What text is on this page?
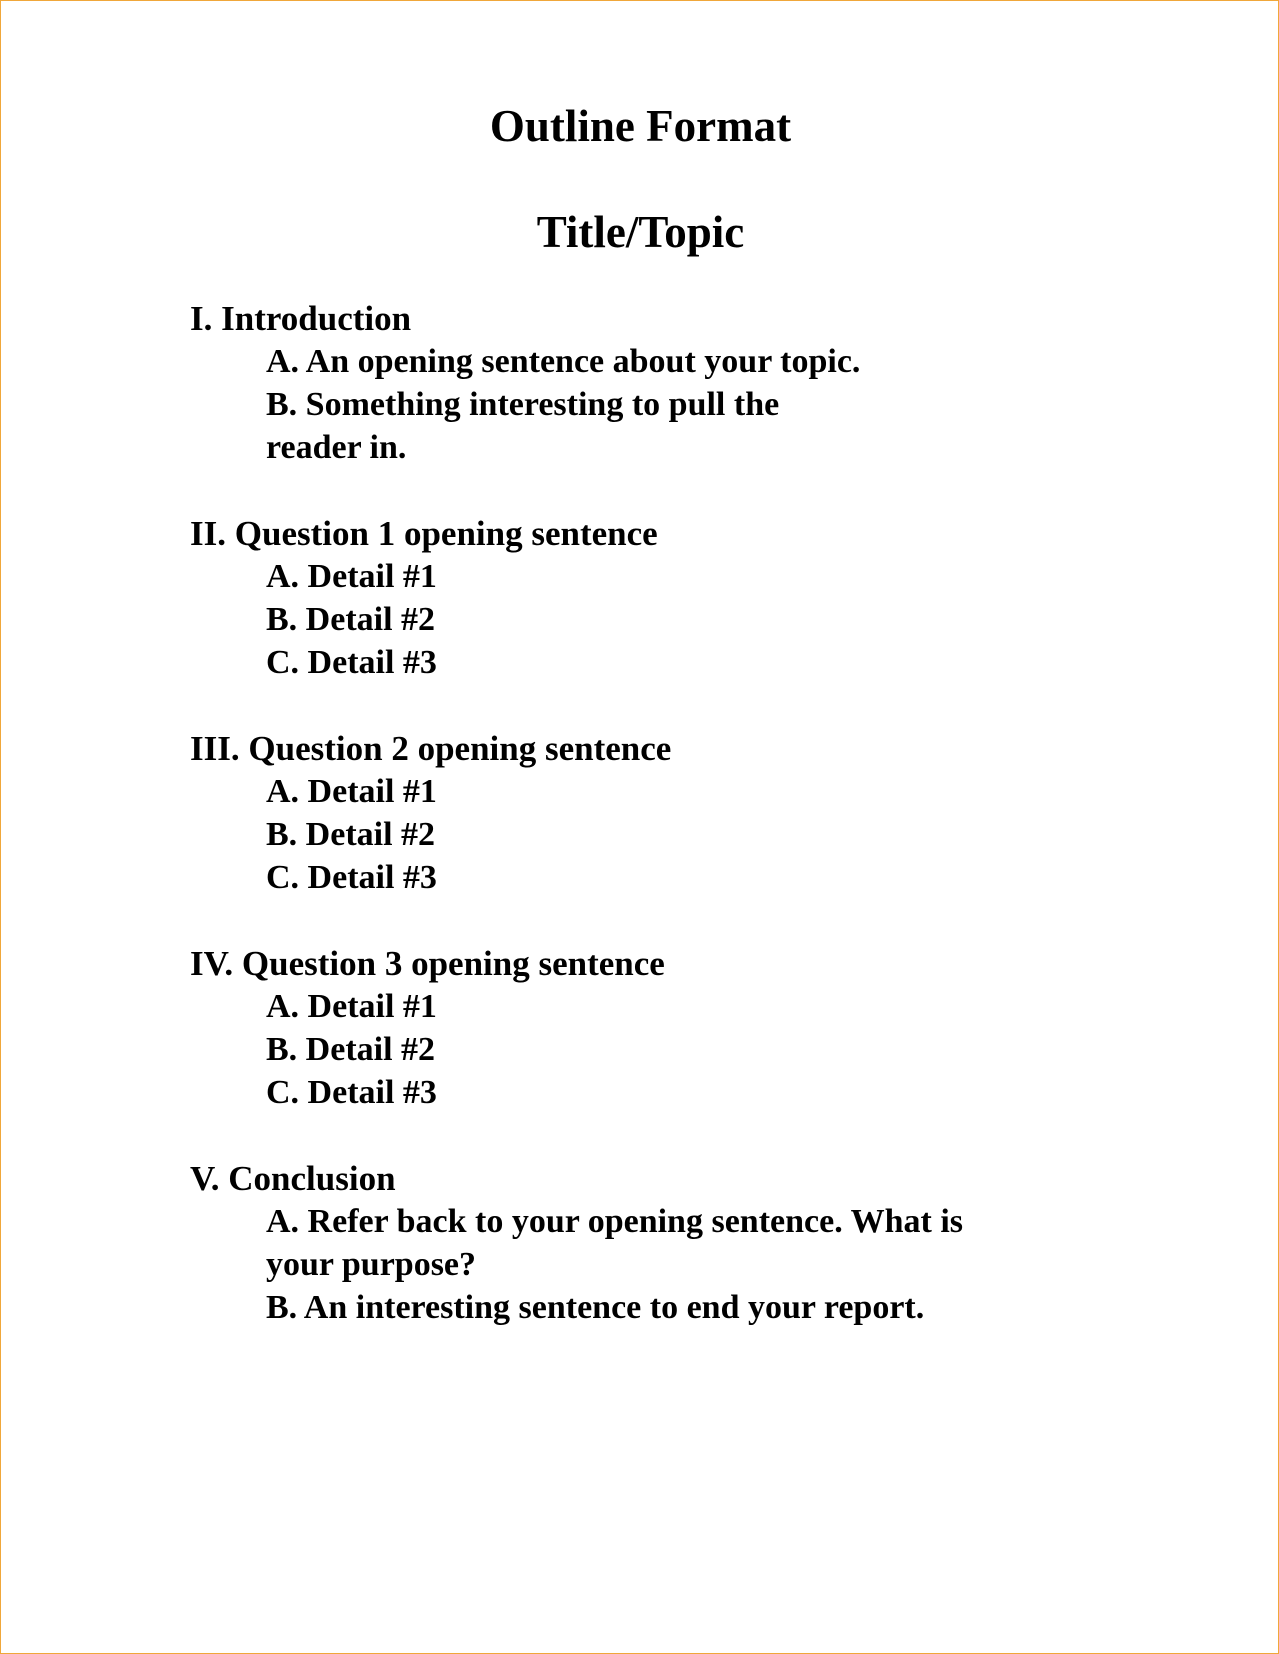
Outline Format
Title/Topic
I. Introduction
A. An opening sentence about your topic.
B. Something interesting to pull the reader in.
II. Question 1 opening sentence
A. Detail #1
B. Detail #2
C. Detail #3
III. Question 2 opening sentence
A. Detail #1
B. Detail #2
C. Detail #3
IV. Question 3 opening sentence
A. Detail #1
B. Detail #2
C. Detail #3
V. Conclusion
A. Refer back to your opening sentence. What is your purpose?
B. An interesting sentence to end your report.
